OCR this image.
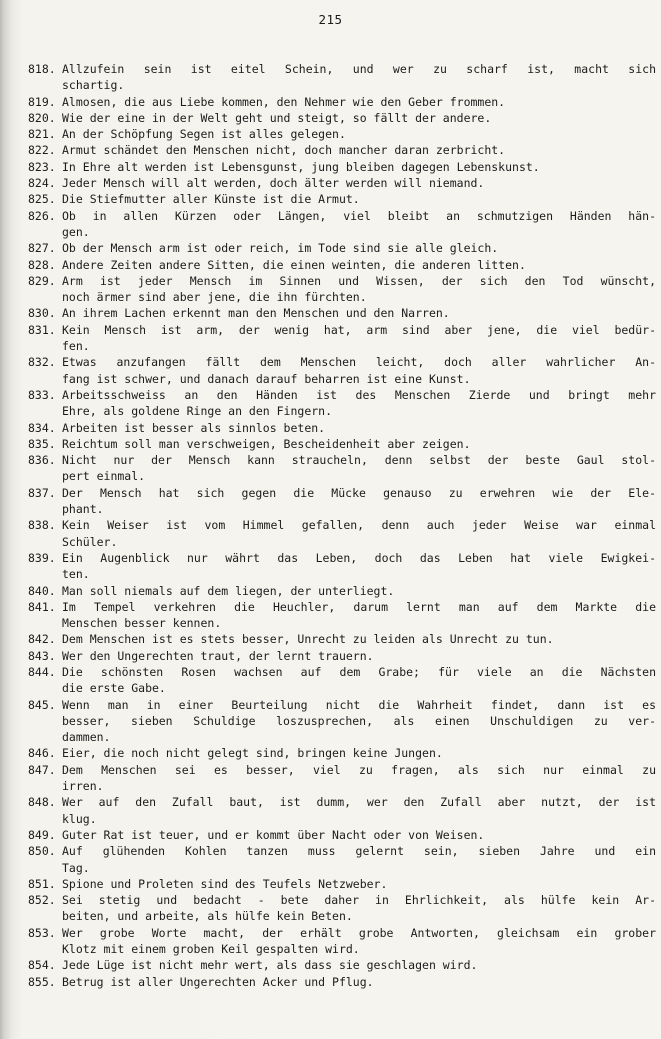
215
818. Allzufein sein ist eitel Schein, und wer zu scharf ist, macht sich
schartig.
819. Almosen, die aus Liebe kommen, den Nehmer wie den Geber frommen.
820. Wie der eine in der Welt geht und steigt, so fällt der andere.
821. An der Schöpfung Segen ist alles gelegen.
822. Armut schändet den Menschen nicht, doch mancher daran zerbricht.
823. In Ehre alt werden ist Lebensgunst, jung bleiben dagegen Lebenskunst.
824. Jeder Mensch will alt werden, doch älter werden will niemand.
825. Die Stiefmutter aller Künste ist die Armut.
826. Ob in allen Kürzen oder Längen, viel bleibt an schmutzigen Händen hän-
gen.
827. Ob der Mensch arm ist oder reich, im Tode sind sie alle gleich.
828. Andere Zeiten andere Sitten, die einen weinten, die anderen litten.
829. Arm ist jeder Mensch im Sinnen und Wissen, der sich den Tod wünscht,
noch ärmer sind aber jene, die ihn fürchten.
830. An ihrem Lachen erkennt man den Menschen und den Narren.
831. Kein Mensch ist arm, der wenig hat, arm sind aber jene, die viel bedür-
fen.
832. Etwas anzufangen fällt dem Menschen leicht, doch aller wahrlicher An-
fang ist schwer, und danach darauf beharren ist eine Kunst.
833. Arbeitsschweiss an den Händen ist des Menschen Zierde und bringt mehr
Ehre, als goldene Ringe an den Fingern.
834. Arbeiten ist besser als sinnlos beten.
835. Reichtum soll man verschweigen, Bescheidenheit aber zeigen.
836. Nicht nur der Mensch kann straucheln, denn selbst der beste Gaul stol-
pert einmal.
837. Der Mensch hat sich gegen die Mücke genauso zu erwehren wie der Ele-
phant.
838. Kein Weiser ist vom Himmel gefallen, denn auch jeder Weise war einmal
Schüler.
839. Ein Augenblick nur währt das Leben, doch das Leben hat viele Ewigkei-
ten.
840. Man soll niemals auf dem liegen, der unterliegt.
841. Im Tempel verkehren die Heuchler, darum lernt man auf dem Markte die
Menschen besser kennen.
842. Dem Menschen ist es stets besser, Unrecht zu leiden als Unrecht zu tun.
843. Wer den Ungerechten traut, der lernt trauern.
844. Die schönsten Rosen wachsen auf dem Grabe; für viele an die Nächsten
die erste Gabe.
845. Wenn man in einer Beurteilung nicht die Wahrheit findet, dann ist es
besser, sieben Schuldige loszusprechen, als einen Unschuldigen zu ver-
dammen.
846. Eier, die noch nicht gelegt sind, bringen keine Jungen.
847. Dem Menschen sei es besser, viel zu fragen, als sich nur einmal zu
irren.
848. Wer auf den Zufall baut, ist dumm, wer den Zufall aber nutzt, der ist
klug.
849. Guter Rat ist teuer, und er kommt über Nacht oder von Weisen.
850. Auf glühenden Kohlen tanzen muss gelernt sein, sieben Jahre und ein
Tag.
851. Spione und Proleten sind des Teufels Netzweber.
852. Sei stetig und bedacht - bete daher in Ehrlichkeit, als hülfe kein Ar-
beiten, und arbeite, als hülfe kein Beten.
853. Wer grobe Worte macht, der erhält grobe Antworten, gleichsam ein grober
Klotz mit einem groben Keil gespalten wird.
854. Jede Lüge ist nicht mehr wert, als dass sie geschlagen wird.
855. Betrug ist aller Ungerechten Acker und Pflug.
